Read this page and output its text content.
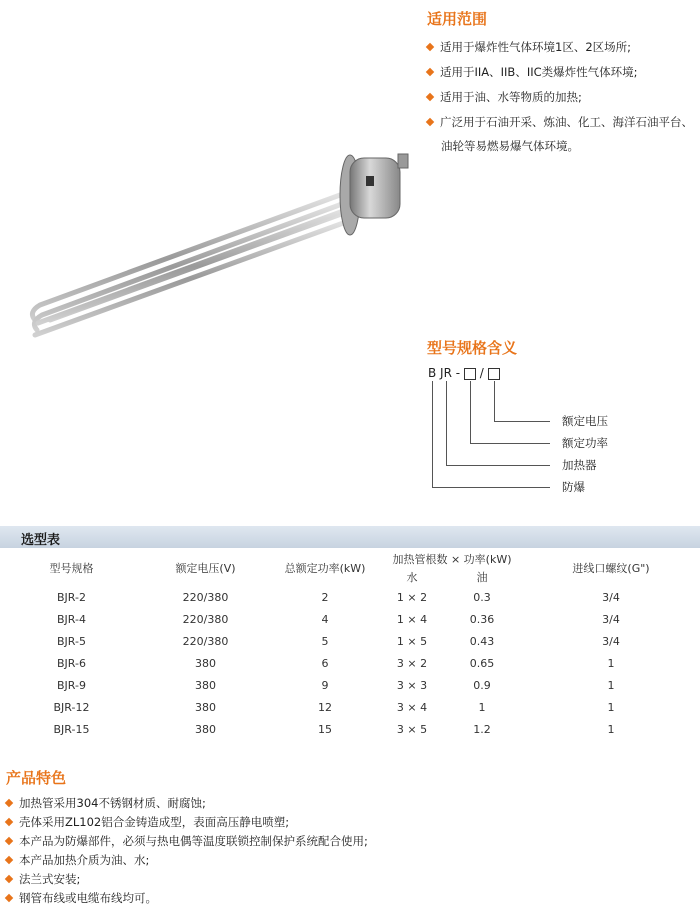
适用范围
适用于爆炸性气体环境1区、2区场所;
适用于IIA、IIB、IIC类爆炸性气体环境;
适用于油、水等物质的加热;
广泛用于石油开采、炼油、化工、海洋石油平台、
油轮等易燃易爆气体环境。
型号规格含义
B JR - /
额定电压
额定功率
加热器
防爆
选型表
型号规格	额定电压(V)	总额定功率(kW)	加热管根数 × 功率(kW)		进线口螺纹(G")
			水	油	
BJR-2	220/380	2	1 × 2	0.3	3/4
BJR-4	220/380	4	1 × 4	0.36	3/4
BJR-5	220/380	5	1 × 5	0.43	3/4
BJR-6	380	6	3 × 2	0.65	1
BJR-9	380	9	3 × 3	0.9	1
BJR-12	380	12	3 × 4	1	1
BJR-15	380	15	3 × 5	1.2	1
产品特色
加热管采用304不锈钢材质、耐腐蚀;
壳体采用ZL102铝合金铸造成型，表面高压静电喷塑;
本产品为防爆部件，必须与热电偶等温度联锁控制保护系统配合使用;
本产品加热介质为油、水;
法兰式安装;
钢管布线或电缆布线均可。
